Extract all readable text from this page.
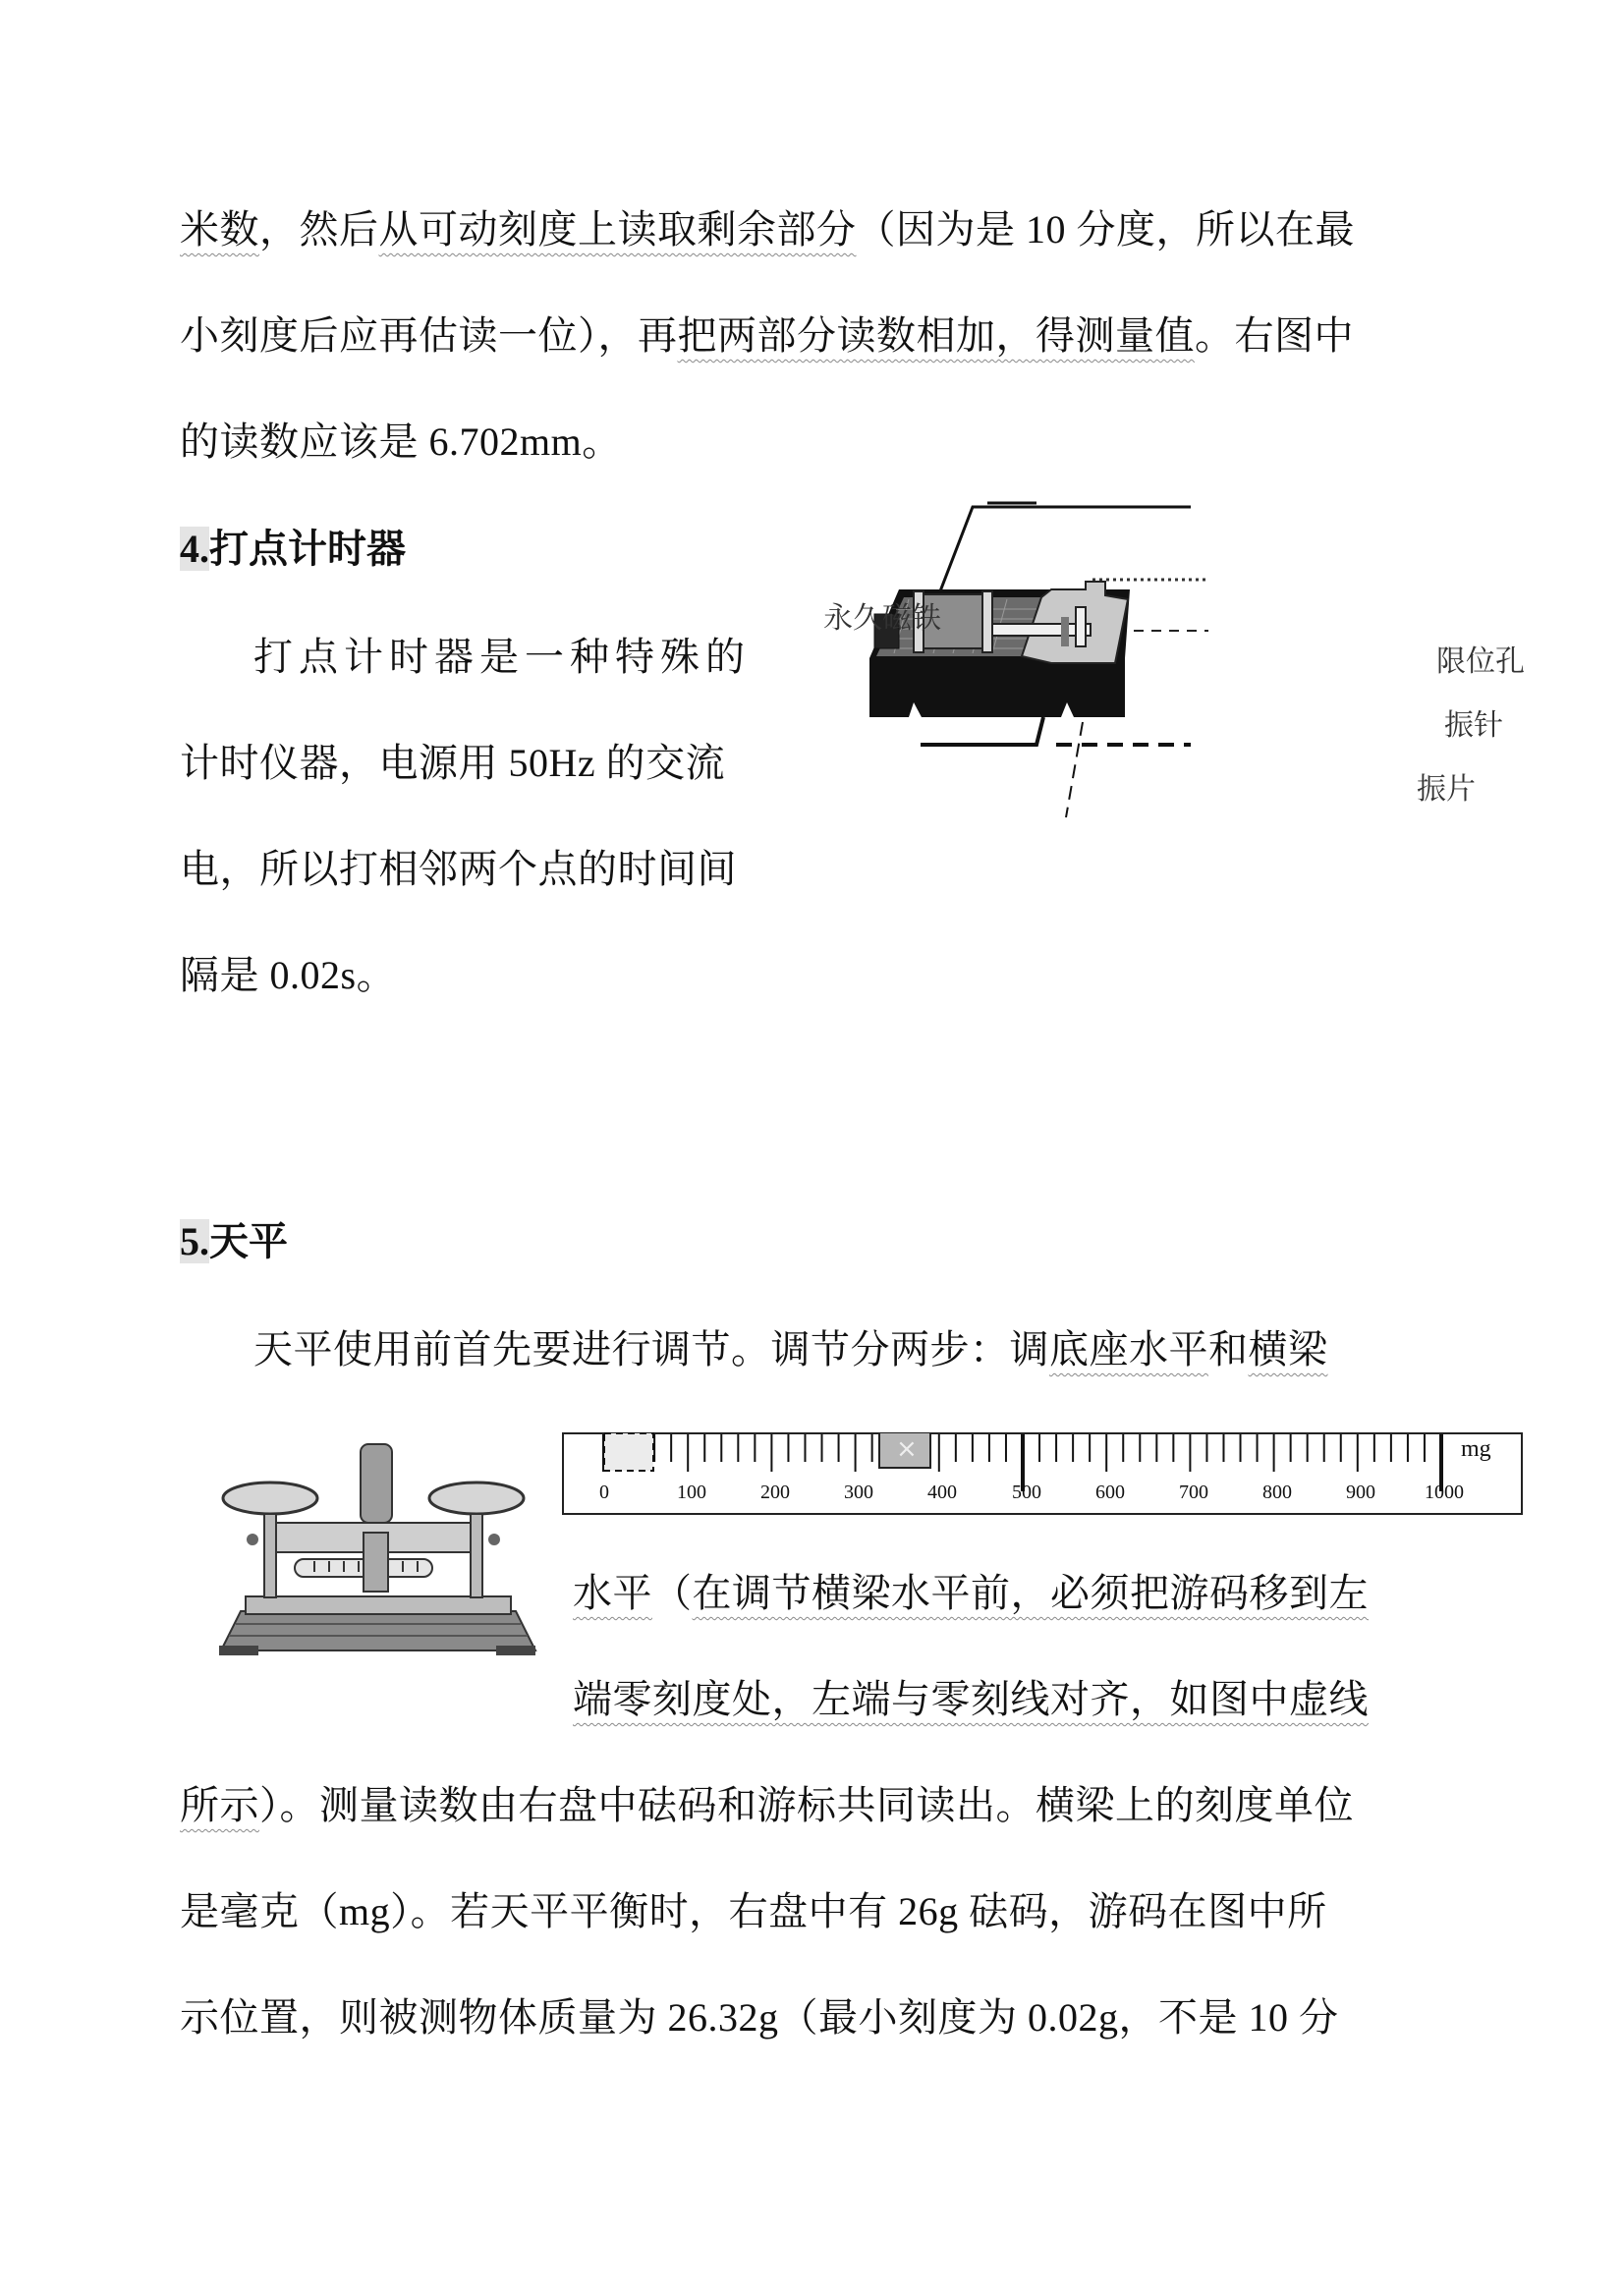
米数，然后从可动刻度上读取剩余部分（因为是 10 分度，所以在最
小刻度后应再估读一位），再把两部分读数相加，得测量值。右图中
的读数应该是 6.702mm。
4.打点计时器
打点计时器是一种特殊的
计时仪器，电源用 50Hz 的交流
电，所以打相邻两个点的时间间
隔是 0.02s。
永久磁铁
限位孔
振针
振片
5.天平
天平使用前首先要进行调节。调节分两步：调底座水平和横梁
×	mg
0	100	200	300	400	500	600	700	800	900	1000
水平（在调节横梁水平前，必须把游码移到左
端零刻度处，左端与零刻线对齐，如图中虚线
所示）。测量读数由右盘中砝码和游标共同读出。横梁上的刻度单位
是毫克（mg）。若天平平衡时，右盘中有 26g 砝码，游码在图中所
示位置，则被测物体质量为 26.32g（最小刻度为 0.02g，不是 10 分
